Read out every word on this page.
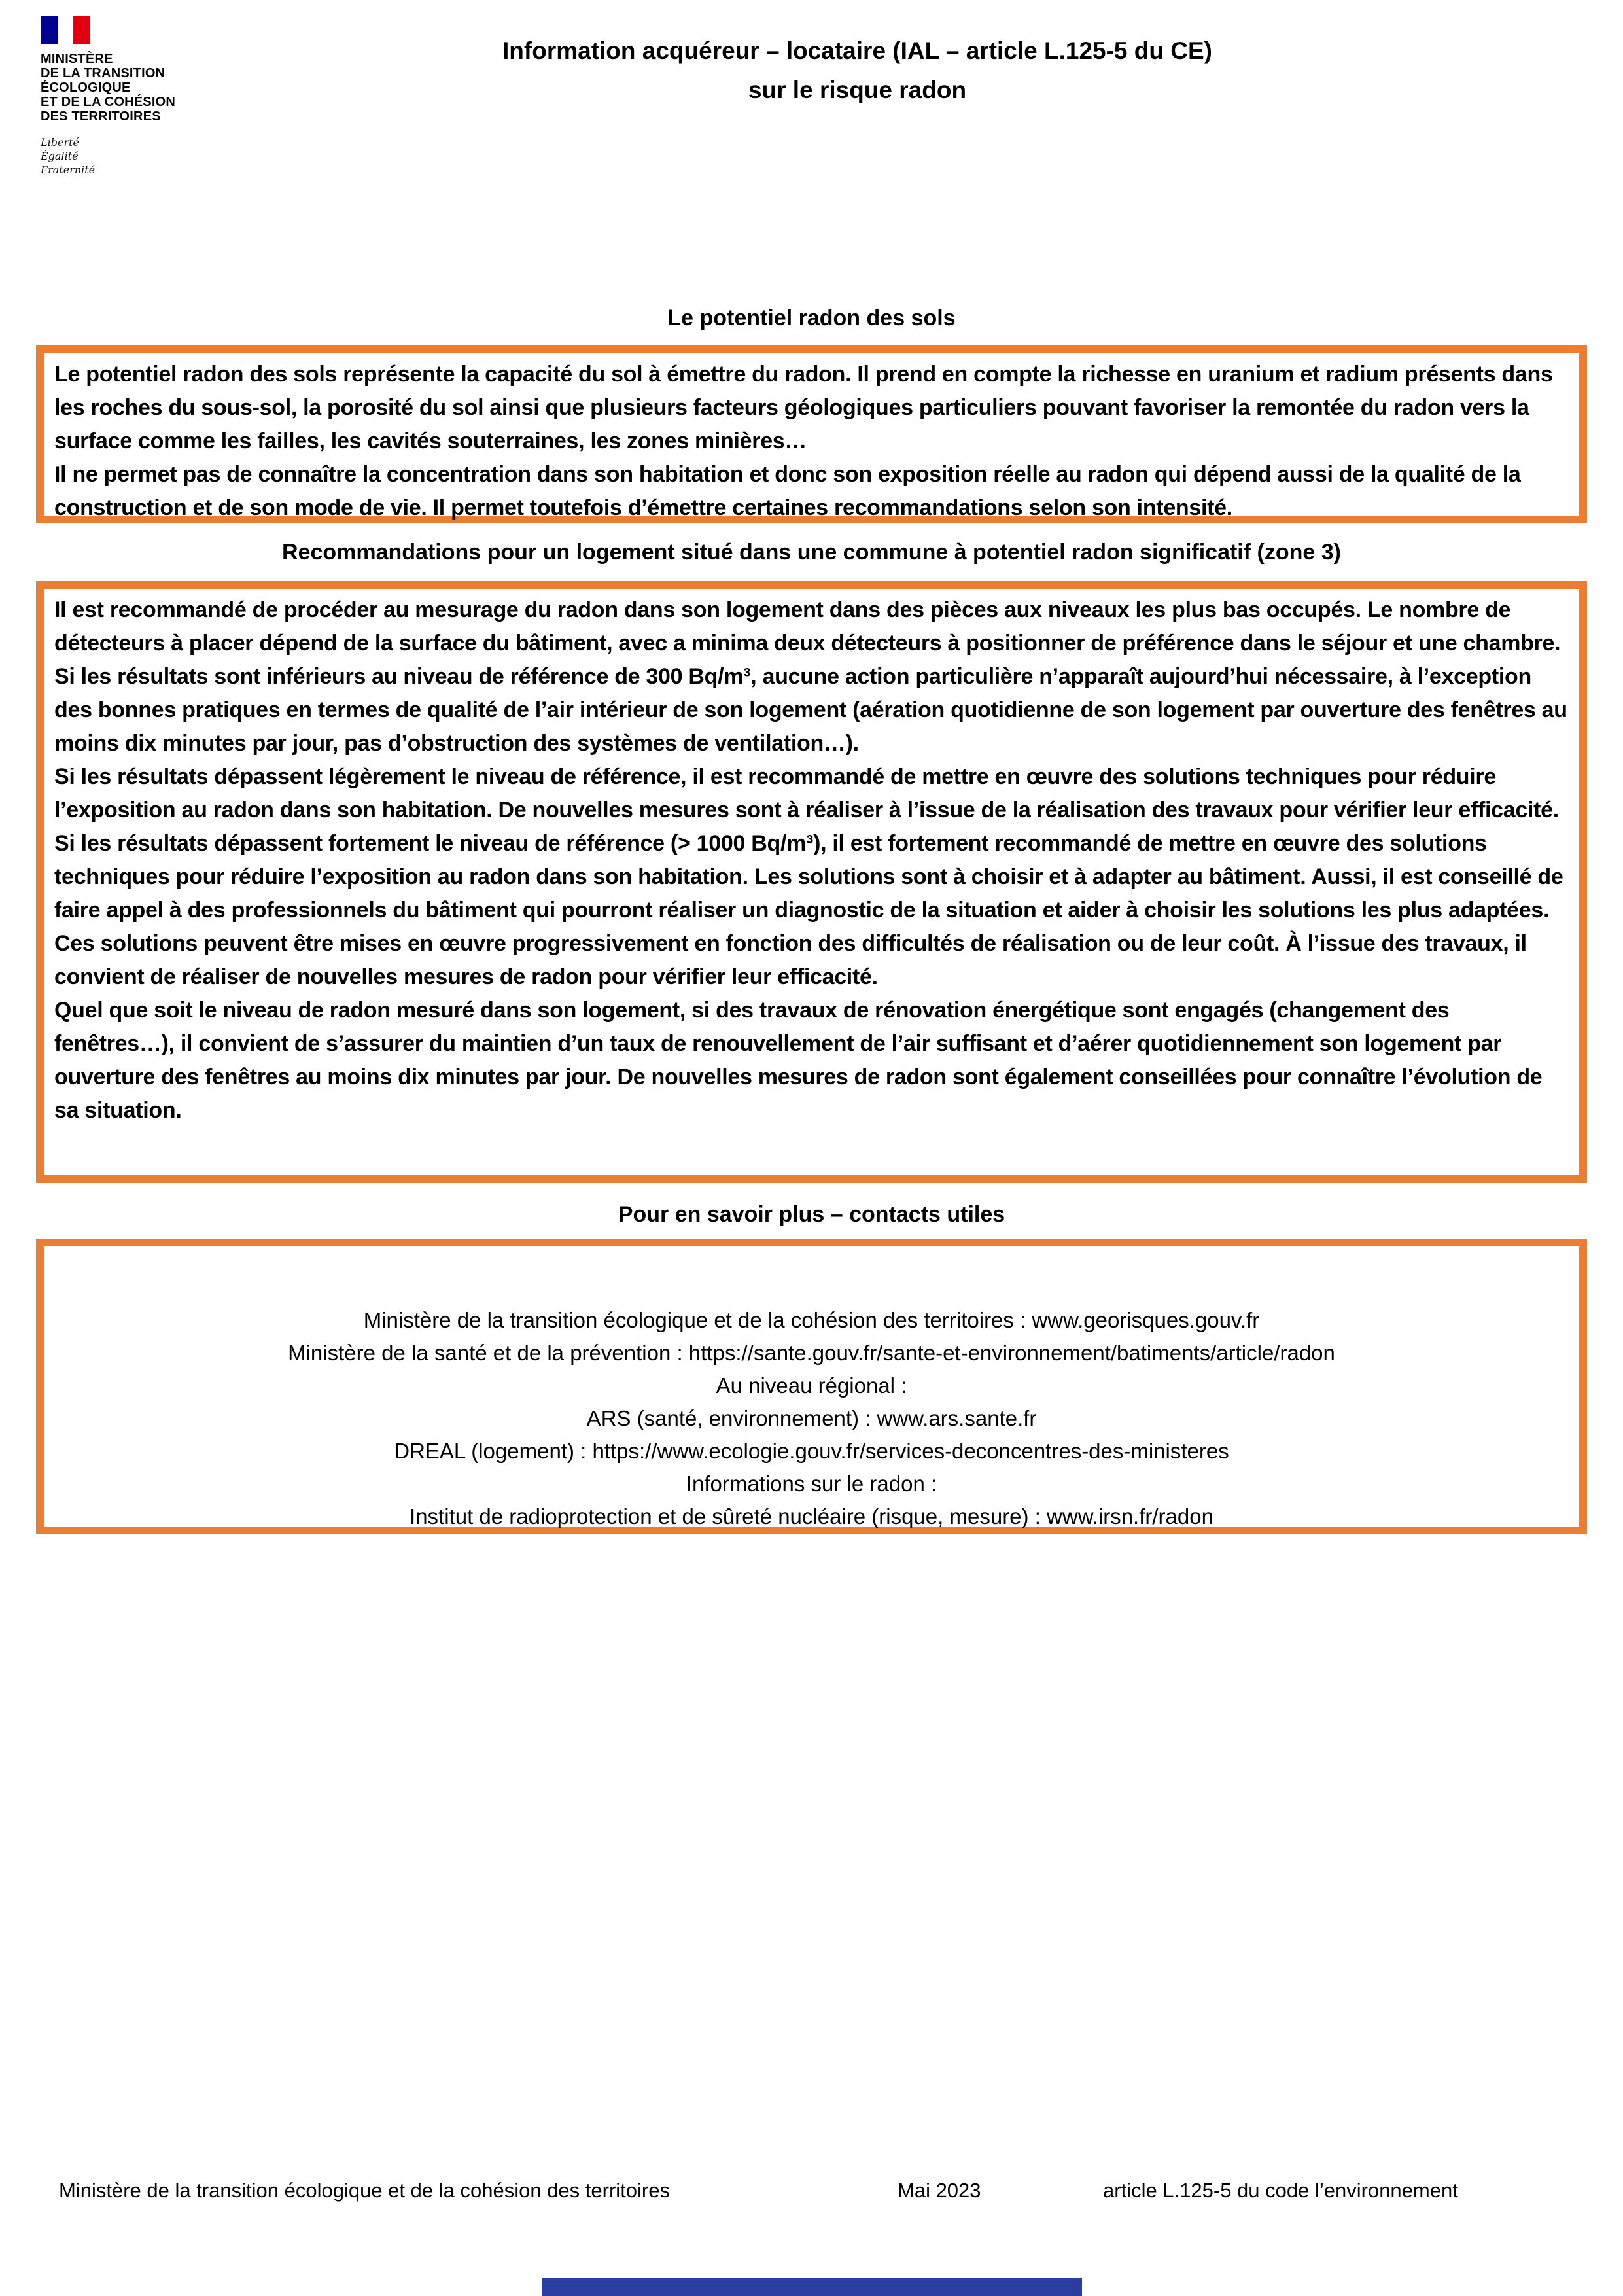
MINISTÈRE
DE LA TRANSITION
ÉCOLOGIQUE
ET DE LA COHÉSION
DES TERRITOIRES
Liberté
Égalité
Fraternité
Information acquéreur – locataire (IAL – article L.125-5 du CE)
sur le risque radon
Le potentiel radon des sols

Le potentiel radon des sols représente la capacité du sol à émettre du radon. Il prend en compte la richesse en uranium et radium présents dans les roches du sous-sol, la porosité du sol ainsi que plusieurs facteurs géologiques particuliers pouvant favoriser la remontée du radon vers la surface comme les failles, les cavités souterraines, les zones minières…

Il ne permet pas de connaître la concentration dans son habitation et donc son exposition réelle au radon qui dépend aussi de la qualité de la construction et de son mode de vie. Il permet toutefois d’émettre certaines recommandations selon son intensité.

Recommandations pour un logement situé dans une commune à potentiel radon significatif (zone 3)

Il est recommandé de procéder au mesurage du radon dans son logement dans des pièces aux niveaux les plus bas occupés. Le nombre de détecteurs à placer dépend de la surface du bâtiment, avec a minima deux détecteurs à positionner de préférence dans le séjour et une chambre.

Si les résultats sont inférieurs au niveau de référence de 300 Bq/m³, aucune action particulière n’apparaît aujourd’hui nécessaire, à l’exception des bonnes pratiques en termes de qualité de l’air intérieur de son logement (aération quotidienne de son logement par ouverture des fenêtres au moins dix minutes par jour, pas d’obstruction des systèmes de ventilation…).

Si les résultats dépassent légèrement le niveau de référence, il est recommandé de mettre en œuvre des solutions techniques pour réduire l’exposition au radon dans son habitation. De nouvelles mesures sont à réaliser à l’issue de la réalisation des travaux pour vérifier leur efficacité.

Si les résultats dépassent fortement le niveau de référence (> 1000 Bq/m³), il est fortement recommandé de mettre en œuvre des solutions techniques pour réduire l’exposition au radon dans son habitation. Les solutions sont à choisir et à adapter au bâtiment. Aussi, il est conseillé de faire appel à des professionnels du bâtiment qui pourront réaliser un diagnostic de la situation et aider à choisir les solutions les plus adaptées. Ces solutions peuvent être mises en œuvre progressivement en fonction des difficultés de réalisation ou de leur coût. À l’issue des travaux, il convient de réaliser de nouvelles mesures de radon pour vérifier leur efficacité.

Quel que soit le niveau de radon mesuré dans son logement, si des travaux de rénovation énergétique sont engagés (changement des fenêtres…), il convient de s’assurer du maintien d’un taux de renouvellement de l’air suffisant et d’aérer quotidiennement son logement par ouverture des fenêtres au moins dix minutes par jour. De nouvelles mesures de radon sont également conseillées pour connaître l’évolution de sa situation.

Pour en savoir plus – contacts utiles

Ministère de la transition écologique et de la cohésion des territoires : www.georisques.gouv.fr

Ministère de la santé et de la prévention : https://sante.gouv.fr/sante-et-environnement/batiments/article/radon

Au niveau régional :

ARS (santé, environnement) : www.ars.sante.fr

DREAL (logement) : https://www.ecologie.gouv.fr/services-deconcentres-des-ministeres

Informations sur le radon :

Institut de radioprotection et de sûreté nucléaire (risque, mesure) : www.irsn.fr/radon

Ministère de la transition écologique et de la cohésion des territoires	Mai 2023	article L.125-5 du code l’environnement
